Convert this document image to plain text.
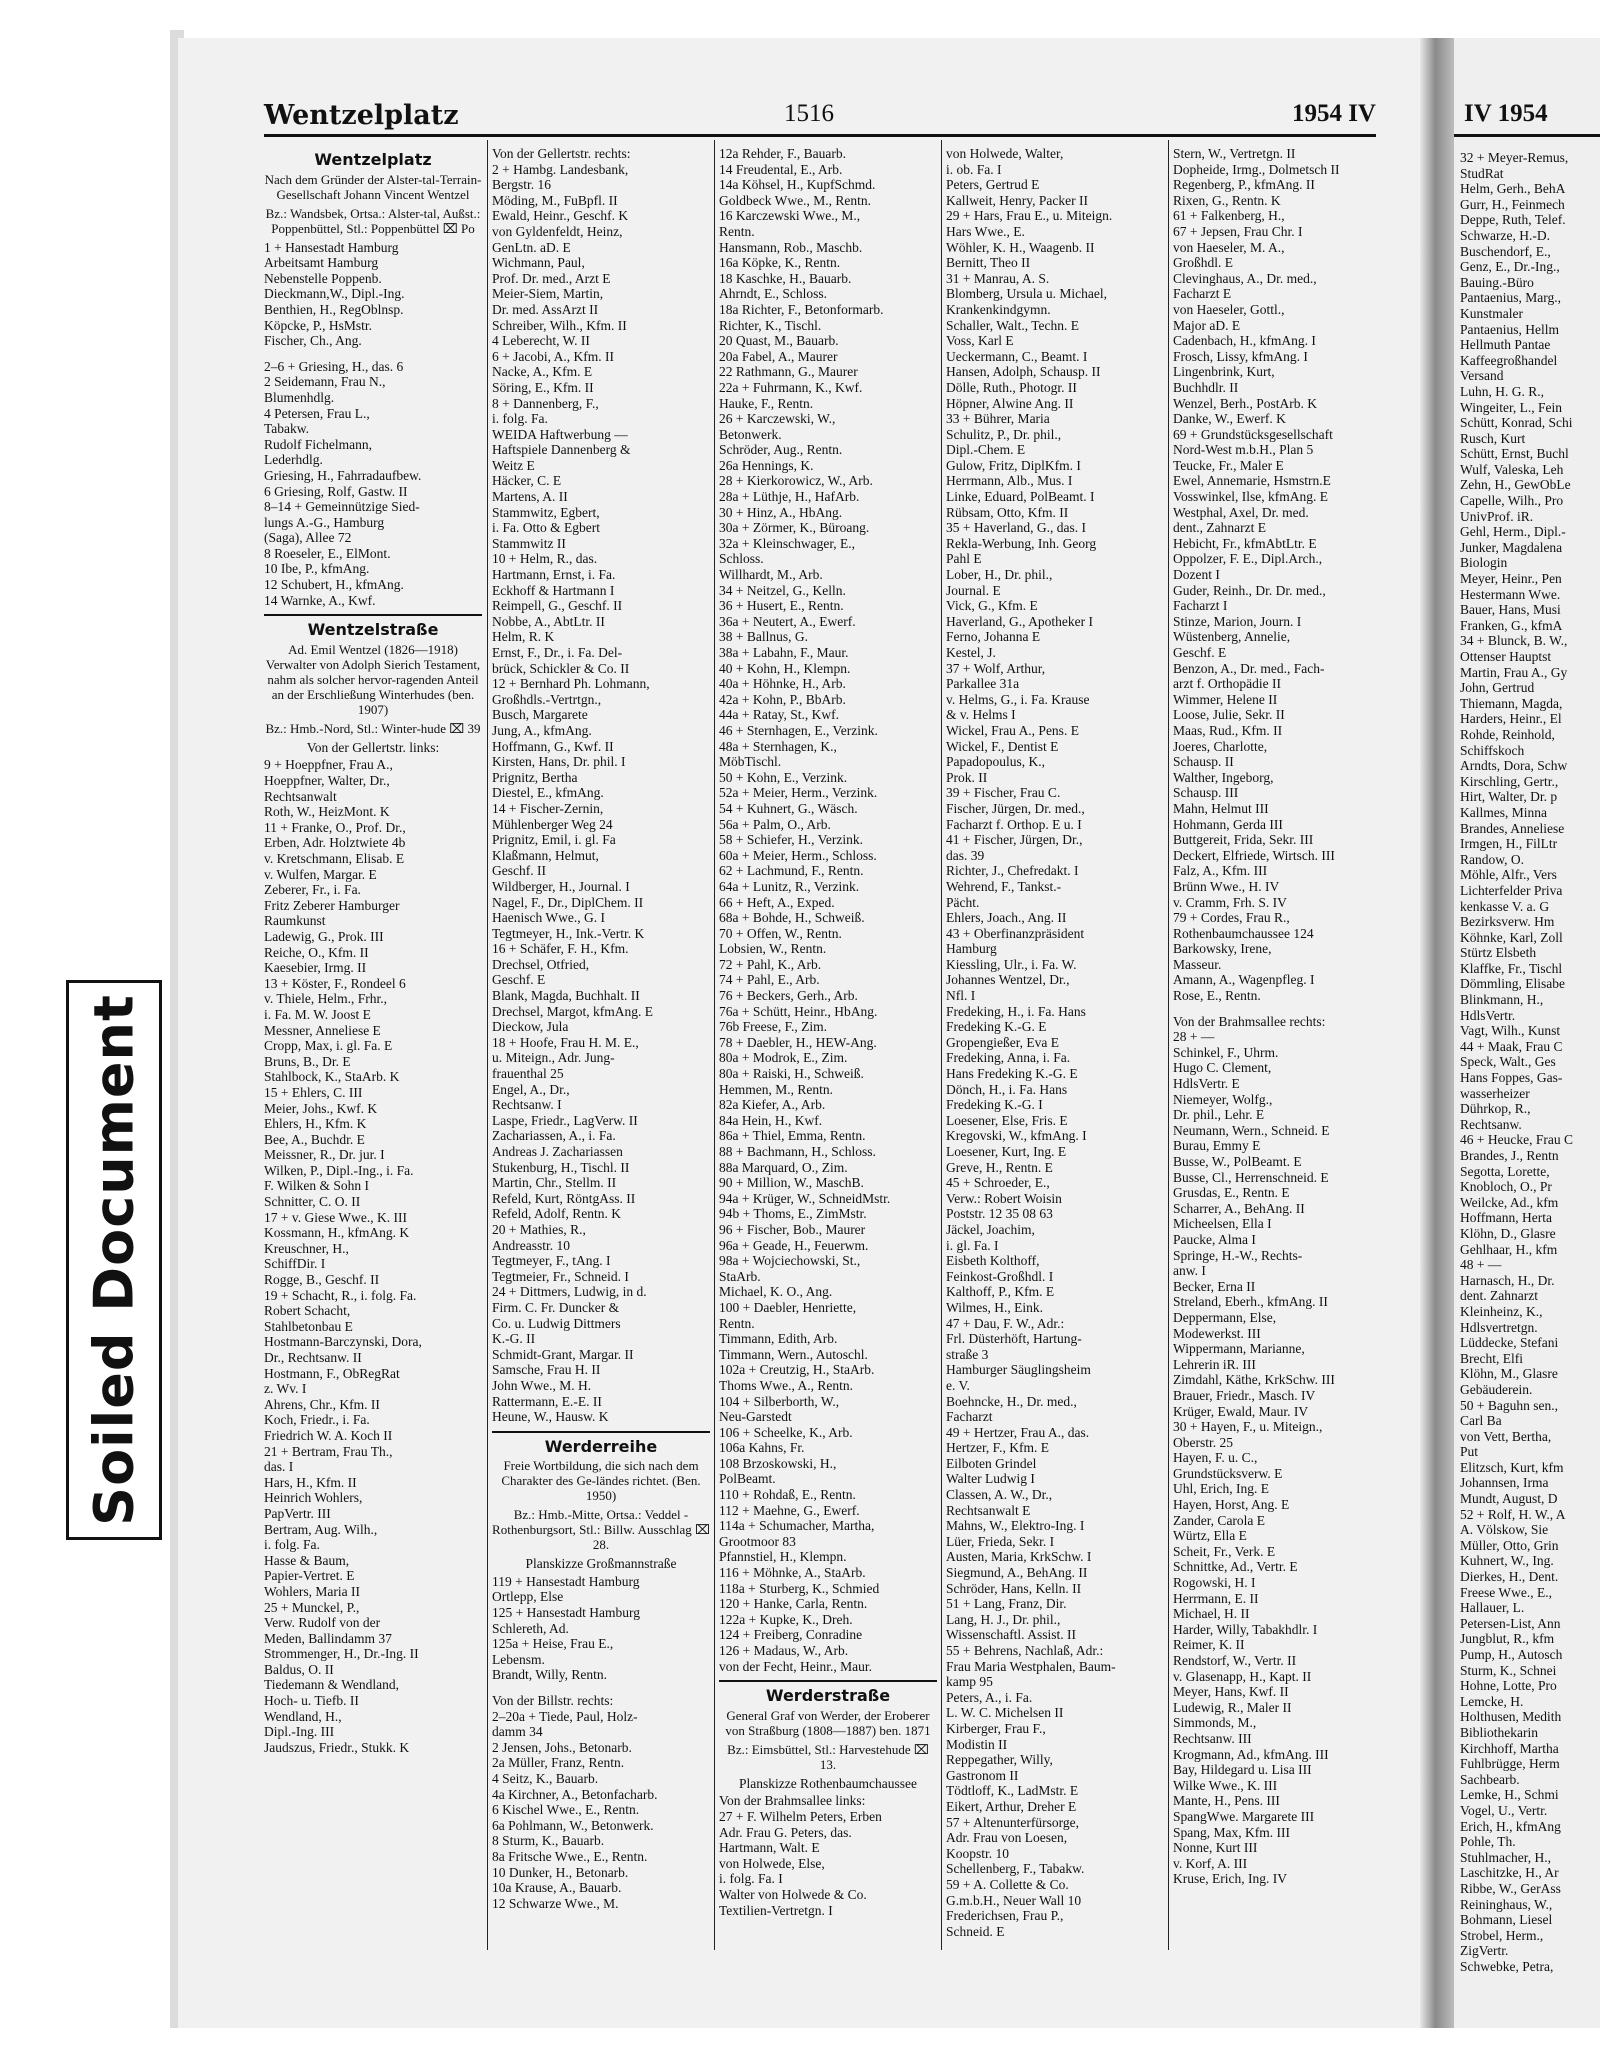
IV 1954
32 + Meyer-Remus,
StudRat
Helm, Gerh., BehA
Gurr, H., Feinmech
Deppe, Ruth, Telef.
Schwarze, H.-D.
Buschendorf, E.,
Genz, E., Dr.-Ing.,
Bauing.-Büro
Pantaenius, Marg.,
Kunstmaler
Pantaenius, Hellm
Hellmuth Pantae
Kaffeegroßhandel
Versand
Luhn, H. G. R.,
Wingeiter, L., Fein
Schütt, Konrad, Schi
Rusch, Kurt
Schütt, Ernst, Buchl
Wulf, Valeska, Leh
Zehn, H., GewObLe
Capelle, Wilh., Pro
UnivProf. iR.
Gehl, Herm., Dipl.-
Junker, Magdalena
Biologin
Meyer, Heinr., Pen
Hestermann Wwe.
Bauer, Hans, Musi
Franken, G., kfmA
34 + Blunck, B. W.,
Ottenser Hauptst
Martin, Frau A., Gy
John, Gertrud
Thiemann, Magda,
Harders, Heinr., El
Rohde, Reinhold,
Schiffskoch
Arndts, Dora, Schw
Kirschling, Gertr.,
Hirt, Walter, Dr. p
Kallmes, Minna
Brandes, Anneliese
Irmgen, H., FilLtr
Randow, O.
Möhle, Alfr., Vers
Lichterfelder Priva
kenkasse V. a. G
Bezirksverw. Hm
Köhnke, Karl, Zoll
Stürtz Elsbeth
Klaffke, Fr., Tischl
Dömmling, Elisabe
Blinkmann, H.,
HdlsVertr.
Vagt, Wilh., Kunst
44 + Maak, Frau C
Speck, Walt., Ges
Hans Foppes, Gas-
wasserheizer
Dührkop, R.,
Rechtsanw.
46 + Heucke, Frau C
Brandes, J., Rentn
Segotta, Lorette,
Knobloch, O., Pr
Weilcke, Ad., kfm
Hoffmann, Herta
Klöhn, D., Glasre
Gehlhaar, H., kfm
48 + —
Harnasch, H., Dr.
dent. Zahnarzt
Kleinheinz, K.,
Hdlsvertretgn.
Lüddecke, Stefani
Brecht, Elfi
Klöhn, M., Glasre
Gebäuderein.
50 + Baguhn sen.,
Carl Ba
von Vett, Bertha,
Put
Elitzsch, Kurt, kfm
Johannsen, Irma
Mundt, August, D
52 + Rolf, H. W., A
A. Völskow, Sie
Müller, Otto, Grin
Kuhnert, W., Ing.
Dierkes, H., Dent.
Freese Wwe., E.,
Hallauer, L.
Petersen-List, Ann
Jungblut, R., kfm
Pump, H., Autosch
Sturm, K., Schnei
Hohne, Lotte, Pro
Lemcke, H.
Holthusen, Medith
Bibliothekarin
Kirchhoff, Martha
Fuhlbrügge, Herm
Sachbearb.
Lemke, H., Schmi
Vogel, U., Vertr.
Erich, H., kfmAng
Pohle, Th.
Stuhlmacher, H.,
Laschitzke, H., Ar
Ribbe, W., GerAss
Reininghaus, W.,
Bohmann, Liesel
Strobel, Herm.,
ZigVertr.
Schwebke, Petra,
Wentzelplatz	1516	1954 IV
Wentzelplatz
Nach dem Gründer der Alster-tal-Terrain-Gesellschaft Johann Vincent Wentzel
Bz.: Wandsbek, Ortsa.: Alster-tal, Außst.: Poppenbüttel, Stl.: Poppenbüttel ⌧ Po
1 + Hansestadt Hamburg
Arbeitsamt Hamburg
Nebenstelle Poppenb.
Dieckmann,W., Dipl.-Ing.
Benthien, H., RegOblnsp.
Köpcke, P., HsMstr.
Fischer, Ch., Ang.
2–6 + Griesing, H., das. 6
2 Seidemann, Frau N.,
Blumenhdlg.
4 Petersen, Frau L.,
Tabakw.
Rudolf Fichelmann,
Lederhdlg.
Griesing, H., Fahrradaufbew.
6 Griesing, Rolf, Gastw. II
8–14 + Gemeinnützige Sied-
lungs A.-G., Hamburg
(Saga), Allee 72
8 Roeseler, E., ElMont.
10 Ibe, P., kfmAng.
12 Schubert, H., kfmAng.
14 Warnke, A., Kwf.
Wentzelstraße
Ad. Emil Wentzel (1826—1918) Verwalter von Adolph Sierich Testament, nahm als solcher hervor-ragenden Anteil an der Erschließung Winterhudes (ben. 1907)
Bz.: Hmb.-Nord, Stl.: Winter-hude ⌧ 39
Von der Gellertstr. links:
9 + Hoeppfner, Frau A.,
Hoeppfner, Walter, Dr.,
Rechtsanwalt
Roth, W., HeizMont. K
11 + Franke, O., Prof. Dr.,
Erben, Adr. Holztwiete 4b
v. Kretschmann, Elisab. E
v. Wulfen, Margar. E
Zeberer, Fr., i. Fa.
Fritz Zeberer Hamburger
Raumkunst
Ladewig, G., Prok. III
Reiche, O., Kfm. II
Kaesebier, Irmg. II
13 + Köster, F., Rondeel 6
v. Thiele, Helm., Frhr.,
i. Fa. M. W. Joost E
Messner, Anneliese E
Cropp, Max, i. gl. Fa. E
Bruns, B., Dr. E
Stahlbock, K., StaArb. K
15 + Ehlers, C. III
Meier, Johs., Kwf. K
Ehlers, H., Kfm. K
Bee, A., Buchdr. E
Meissner, R., Dr. jur. I
Wilken, P., Dipl.-Ing., i. Fa.
F. Wilken & Sohn I
Schnitter, C. O. II
17 + v. Giese Wwe., K. III
Kossmann, H., kfmAng. K
Kreuschner, H.,
SchiffDir. I
Rogge, B., Geschf. II
19 + Schacht, R., i. folg. Fa.
Robert Schacht,
Stahlbetonbau E
Hostmann-Barczynski, Dora,
Dr., Rechtsanw. II
Hostmann, F., ObRegRat
z. Wv. I
Ahrens, Chr., Kfm. II
Koch, Friedr., i. Fa.
Friedrich W. A. Koch II
21 + Bertram, Frau Th.,
das. I
Hars, H., Kfm. II
Heinrich Wohlers,
PapVertr. III
Bertram, Aug. Wilh.,
i. folg. Fa.
Hasse & Baum,
Papier-Vertret. E
Wohlers, Maria II
25 + Munckel, P.,
Verw. Rudolf von der
Meden, Ballindamm 37
Strommenger, H., Dr.-Ing. II
Baldus, O. II
Tiedemann & Wendland,
Hoch- u. Tiefb. II
Wendland, H.,
Dipl.-Ing. III
Jaudszus, Friedr., Stukk. K
Von der Gellertstr. rechts:
2 + Hambg. Landesbank,
Bergstr. 16
Möding, M., FuBpfl. II
Ewald, Heinr., Geschf. K
von Gyldenfeldt, Heinz,
GenLtn. aD. E
Wichmann, Paul,
Prof. Dr. med., Arzt E
Meier-Siem, Martin,
Dr. med. AssArzt II
Schreiber, Wilh., Kfm. II
4 Leberecht, W. II
6 + Jacobi, A., Kfm. II
Nacke, A., Kfm. E
Söring, E., Kfm. II
8 + Dannenberg, F.,
i. folg. Fa.
WEIDA Haftwerbung —
Haftspiele Dannenberg &
Weitz E
Häcker, C. E
Martens, A. II
Stammwitz, Egbert,
i. Fa. Otto & Egbert
Stammwitz II
10 + Helm, R., das.
Hartmann, Ernst, i. Fa.
Eckhoff & Hartmann I
Reimpell, G., Geschf. II
Nobbe, A., AbtLtr. II
Helm, R. K
Ernst, F., Dr., i. Fa. Del-
brück, Schickler & Co. II
12 + Bernhard Ph. Lohmann,
Großhdls.-Vertrtgn.,
Busch, Margarete
Jung, A., kfmAng.
Hoffmann, G., Kwf. II
Kirsten, Hans, Dr. phil. I
Prignitz, Bertha
Diestel, E., kfmAng.
14 + Fischer-Zernin,
Mühlenberger Weg 24
Prignitz, Emil, i. gl. Fa
Klaßmann, Helmut,
Geschf. II
Wildberger, H., Journal. I
Nagel, F., Dr., DiplChem. II
Haenisch Wwe., G. I
Tegtmeyer, H., Ink.-Vertr. K
16 + Schäfer, F. H., Kfm.
Drechsel, Otfried,
Geschf. E
Blank, Magda, Buchhalt. II
Drechsel, Margot, kfmAng. E
Dieckow, Jula
18 + Hoofe, Frau H. M. E.,
u. Miteign., Adr. Jung-
frauenthal 25
Engel, A., Dr.,
Rechtsanw. I
Laspe, Friedr., LagVerw. II
Zachariassen, A., i. Fa.
Andreas J. Zachariassen
Stukenburg, H., Tischl. II
Martin, Chr., Stellm. II
Refeld, Kurt, RöntgAss. II
Refeld, Adolf, Rentn. K
20 + Mathies, R.,
Andreasstr. 10
Tegtmeyer, F., tAng. I
Tegtmeier, Fr., Schneid. I
24 + Dittmers, Ludwig, in d.
Firm. C. Fr. Duncker &
Co. u. Ludwig Dittmers
K.-G. II
Schmidt-Grant, Margar. II
Samsche, Frau H. II
John Wwe., M. H.
Rattermann, E.-E. II
Heune, W., Hausw. K
Werderreihe
Freie Wortbildung, die sich nach dem Charakter des Ge-ländes richtet. (Ben. 1950)
Bz.: Hmb.-Mitte, Ortsa.: Veddel - Rothenburgsort, Stl.: Billw. Ausschlag ⌧ 28.
Planskizze Großmannstraße
119 + Hansestadt Hamburg
Ortlepp, Else
125 + Hansestadt Hamburg
Schlereth, Ad.
125a + Heise, Frau E.,
Lebensm.
Brandt, Willy, Rentn.
Von der Billstr. rechts:
2–20a + Tiede, Paul, Holz-
damm 34
2 Jensen, Johs., Betonarb.
2a Müller, Franz, Rentn.
4 Seitz, K., Bauarb.
4a Kirchner, A., Betonfacharb.
6 Kischel Wwe., E., Rentn.
6a Pohlmann, W., Betonwerk.
8 Sturm, K., Bauarb.
8a Fritsche Wwe., E., Rentn.
10 Dunker, H., Betonarb.
10a Krause, A., Bauarb.
12 Schwarze Wwe., M.
12a Rehder, F., Bauarb.
14 Freudental, E., Arb.
14a Köhsel, H., KupfSchmd.
Goldbeck Wwe., M., Rentn.
16 Karczewski Wwe., M.,
Rentn.
Hansmann, Rob., Maschb.
16a Köpke, K., Rentn.
18 Kaschke, H., Bauarb.
Ahrndt, E., Schloss.
18a Richter, F., Betonformarb.
Richter, K., Tischl.
20 Quast, M., Bauarb.
20a Fabel, A., Maurer
22 Rathmann, G., Maurer
22a + Fuhrmann, K., Kwf.
Hauke, F., Rentn.
26 + Karczewski, W.,
Betonwerk.
Schröder, Aug., Rentn.
26a Hennings, K.
28 + Kierkorowicz, W., Arb.
28a + Lüthje, H., HafArb.
30 + Hinz, A., HbAng.
30a + Zörmer, K., Büroang.
32a + Kleinschwager, E.,
Schloss.
Willhardt, M., Arb.
34 + Neitzel, G., Kelln.
36 + Husert, E., Rentn.
36a + Neutert, A., Ewerf.
38 + Ballnus, G.
38a + Labahn, F., Maur.
40 + Kohn, H., Klempn.
40a + Höhnke, H., Arb.
42a + Kohn, P., BbArb.
44a + Ratay, St., Kwf.
46 + Sternhagen, E., Verzink.
48a + Sternhagen, K.,
MöbTischl.
50 + Kohn, E., Verzink.
52a + Meier, Herm., Verzink.
54 + Kuhnert, G., Wäsch.
56a + Palm, O., Arb.
58 + Schiefer, H., Verzink.
60a + Meier, Herm., Schloss.
62 + Lachmund, F., Rentn.
64a + Lunitz, R., Verzink.
66 + Heft, A., Exped.
68a + Bohde, H., Schweiß.
70 + Offen, W., Rentn.
Lobsien, W., Rentn.
72 + Pahl, K., Arb.
74 + Pahl, E., Arb.
76 + Beckers, Gerh., Arb.
76a + Schütt, Heinr., HbAng.
76b Freese, F., Zim.
78 + Daebler, H., HEW-Ang.
80a + Modrok, E., Zim.
80a + Raiski, H., Schweiß.
Hemmen, M., Rentn.
82a Kiefer, A., Arb.
84a Hein, H., Kwf.
86a + Thiel, Emma, Rentn.
88 + Bachmann, H., Schloss.
88a Marquard, O., Zim.
90 + Million, W., MaschB.
94a + Krüger, W., SchneidMstr.
94b + Thoms, E., ZimMstr.
96 + Fischer, Bob., Maurer
96a + Geade, H., Feuerwm.
98a + Wojciechowski, St.,
StaArb.
Michael, K. O., Ang.
100 + Daebler, Henriette,
Rentn.
Timmann, Edith, Arb.
Timmann, Wern., Autoschl.
102a + Creutzig, H., StaArb.
Thoms Wwe., A., Rentn.
104 + Silberborth, W.,
Neu-Garstedt
106 + Scheelke, K., Arb.
106a Kahns, Fr.
108 Brzoskowski, H.,
PolBeamt.
110 + Rohdaß, E., Rentn.
112 + Maehne, G., Ewerf.
114a + Schumacher, Martha,
Grootmoor 83
Pfannstiel, H., Klempn.
116 + Möhnke, A., StaArb.
118a + Sturberg, K., Schmied
120 + Hanke, Carla, Rentn.
122a + Kupke, K., Dreh.
124 + Freiberg, Conradine
126 + Madaus, W., Arb.
von der Fecht, Heinr., Maur.
Werderstraße
General Graf von Werder, der Eroberer von Straßburg (1808—1887) ben. 1871
Bz.: Eimsbüttel, Stl.: Harvestehude ⌧ 13.
Planskizze Rothenbaumchaussee
Von der Brahmsallee links:
27 + F. Wilhelm Peters, Erben
Adr. Frau G. Peters, das.
Hartmann, Walt. E
von Holwede, Else,
i. folg. Fa. I
Walter von Holwede & Co.
Textilien-Vertretgn. I
von Holwede, Walter,
i. ob. Fa. I
Peters, Gertrud E
Kallweit, Henry, Packer II
29 + Hars, Frau E., u. Miteign.
Hars Wwe., E.
Wöhler, K. H., Waagenb. II
Bernitt, Theo II
31 + Manrau, A. S.
Blomberg, Ursula u. Michael,
Krankenkindgymn.
Schaller, Walt., Techn. E
Voss, Karl E
Ueckermann, C., Beamt. I
Hansen, Adolph, Schausp. II
Dölle, Ruth., Photogr. II
Höpner, Alwine Ang. II
33 + Bührer, Maria
Schulitz, P., Dr. phil.,
Dipl.-Chem. E
Gulow, Fritz, DiplKfm. I
Herrmann, Alb., Mus. I
Linke, Eduard, PolBeamt. I
Rübsam, Otto, Kfm. II
35 + Haverland, G., das. I
Rekla-Werbung, Inh. Georg
Pahl E
Lober, H., Dr. phil.,
Journal. E
Vick, G., Kfm. E
Haverland, G., Apotheker I
Ferno, Johanna E
Kestel, J.
37 + Wolf, Arthur,
Parkallee 31a
v. Helms, G., i. Fa. Krause
& v. Helms I
Wickel, Frau A., Pens. E
Wickel, F., Dentist E
Papadopoulus, K.,
Prok. II
39 + Fischer, Frau C.
Fischer, Jürgen, Dr. med.,
Facharzt f. Orthop. E u. I
41 + Fischer, Jürgen, Dr.,
das. 39
Richter, J., Chefredakt. I
Wehrend, F., Tankst.-
Pächt.
Ehlers, Joach., Ang. II
43 + Oberfinanzpräsident
Hamburg
Kiessling, Ulr., i. Fa. W.
Johannes Wentzel, Dr.,
Nfl. I
Fredeking, H., i. Fa. Hans
Fredeking K.-G. E
Gropengießer, Eva E
Fredeking, Anna, i. Fa.
Hans Fredeking K.-G. E
Dönch, H., i. Fa. Hans
Fredeking K.-G. I
Loesener, Else, Fris. E
Kregovski, W., kfmAng. I
Loesener, Kurt, Ing. E
Greve, H., Rentn. E
45 + Schroeder, E.,
Verw.: Robert Woisin
Poststr. 12 35 08 63
Jäckel, Joachim,
i. gl. Fa. I
Eisbeth Kolthoff,
Feinkost-Großhdl. I
Kalthoff, P., Kfm. E
Wilmes, H., Eink.
47 + Dau, F. W., Adr.:
Frl. Düsterhöft, Hartung-
straße 3
Hamburger Säuglingsheim
e. V.
Boehncke, H., Dr. med.,
Facharzt
49 + Hertzer, Frau A., das.
Hertzer, F., Kfm. E
Eilboten Grindel
Walter Ludwig I
Classen, A. W., Dr.,
Rechtsanwalt E
Mahns, W., Elektro-Ing. I
Lüer, Frieda, Sekr. I
Austen, Maria, KrkSchw. I
Siegmund, A., BehAng. II
Schröder, Hans, Kelln. II
51 + Lang, Franz, Dir.
Lang, H. J., Dr. phil.,
Wissenschaftl. Assist. II
55 + Behrens, Nachlaß, Adr.:
Frau Maria Westphalen, Baum-
kamp 95
Peters, A., i. Fa.
L. W. C. Michelsen II
Kirberger, Frau F.,
Modistin II
Reppegather, Willy,
Gastronom II
Tödtloff, K., LadMstr. E
Eikert, Arthur, Dreher E
57 + Altenunterfürsorge,
Adr. Frau von Loesen,
Koopstr. 10
Schellenberg, F., Tabakw.
59 + A. Collette & Co.
G.m.b.H., Neuer Wall 10
Frederichsen, Frau P.,
Schneid. E
Stern, W., Vertretgn. II
Dopheide, Irmg., Dolmetsch II
Regenberg, P., kfmAng. II
Rixen, G., Rentn. K
61 + Falkenberg, H.,
67 + Jepsen, Frau Chr. I
von Haeseler, M. A.,
Großhdl. E
Clevinghaus, A., Dr. med.,
Facharzt E
von Haeseler, Gottl.,
Major aD. E
Cadenbach, H., kfmAng. I
Frosch, Lissy, kfmAng. I
Lingenbrink, Kurt,
Buchhdlr. II
Wenzel, Berh., PostArb. K
Danke, W., Ewerf. K
69 + Grundstücksgesellschaft
Nord-West m.b.H., Plan 5
Teucke, Fr., Maler E
Ewel, Annemarie, Hsmstrn.E
Vosswinkel, Ilse, kfmAng. E
Westphal, Axel, Dr. med.
dent., Zahnarzt E
Hebicht, Fr., kfmAbtLtr. E
Oppolzer, F. E., Dipl.Arch.,
Dozent I
Guder, Reinh., Dr. Dr. med.,
Facharzt I
Stinze, Marion, Journ. I
Wüstenberg, Annelie,
Geschf. E
Benzon, A., Dr. med., Fach-
arzt f. Orthopädie II
Wimmer, Helene II
Loose, Julie, Sekr. II
Maas, Rud., Kfm. II
Joeres, Charlotte,
Schausp. II
Walther, Ingeborg,
Schausp. III
Mahn, Helmut III
Hohmann, Gerda III
Buttgereit, Frida, Sekr. III
Deckert, Elfriede, Wirtsch. III
Falz, A., Kfm. III
Brünn Wwe., H. IV
v. Cramm, Frh. S. IV
79 + Cordes, Frau R.,
Rothenbaumchaussee 124
Barkowsky, Irene,
Masseur.
Amann, A., Wagenpfleg. I
Rose, E., Rentn.
Von der Brahmsallee rechts:
28 + —
Schinkel, F., Uhrm.
Hugo C. Clement,
HdlsVertr. E
Niemeyer, Wolfg.,
Dr. phil., Lehr. E
Neumann, Wern., Schneid. E
Burau, Emmy E
Busse, W., PolBeamt. E
Busse, Cl., Herrenschneid. E
Grusdas, E., Rentn. E
Scharrer, A., BehAng. II
Micheelsen, Ella I
Paucke, Alma I
Springe, H.-W., Rechts-
anw. I
Becker, Erna II
Streland, Eberh., kfmAng. II
Deppermann, Else,
Modewerkst. III
Wippermann, Marianne,
Lehrerin iR. III
Zimdahl, Käthe, KrkSchw. III
Brauer, Friedr., Masch. IV
Krüger, Ewald, Maur. IV
30 + Hayen, F., u. Miteign.,
Oberstr. 25
Hayen, F. u. C.,
Grundstücksverw. E
Uhl, Erich, Ing. E
Hayen, Horst, Ang. E
Zander, Carola E
Würtz, Ella E
Scheit, Fr., Verk. E
Schnittke, Ad., Vertr. E
Rogowski, H. I
Herrmann, E. II
Michael, H. II
Harder, Willy, Tabakhdlr. I
Reimer, K. II
Rendstorf, W., Vertr. II
v. Glasenapp, H., Kapt. II
Meyer, Hans, Kwf. II
Ludewig, R., Maler II
Simmonds, M.,
Rechtsanw. III
Krogmann, Ad., kfmAng. III
Bay, Hildegard u. Lisa III
Wilke Wwe., K. III
Mante, H., Pens. III
SpangWwe. Margarete III
Spang, Max, Kfm. III
Nonne, Kurt III
v. Korf, A. III
Kruse, Erich, Ing. IV
Soiled Document
